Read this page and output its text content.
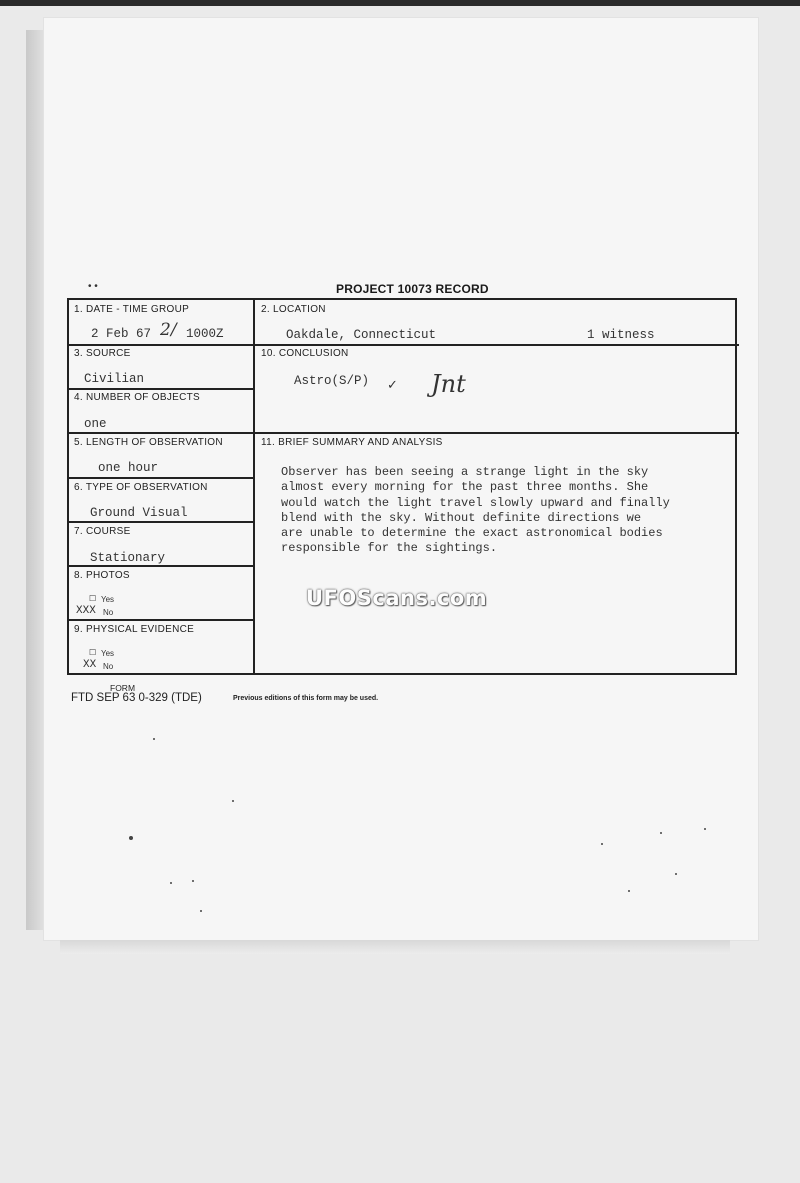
• •	PROJECT 10073 RECORD
1. DATE - TIME GROUP
2 Feb 67 2/ 1000Z
2. LOCATION
Oakdale, Connecticut	1 witness
3. SOURCE
Civilian
4. NUMBER OF OBJECTS
one
10. CONCLUSION
Astro(S/P) ✓ Jnt
5. LENGTH OF OBSERVATION
one hour
11. BRIEF SUMMARY AND ANALYSIS
Observer has been seeing a strange light in the sky
almost every morning for the past three months. She
would watch the light travel slowly upward and finally
blend with the sky. Without definite directions we
are unable to determine the exact astronomical bodies
responsible for the sightings.
6. TYPE OF OBSERVATION
Ground Visual
7. COURSE
Stationary
8. PHOTOS
☐ Yes
XXX No
9. PHYSICAL EVIDENCE
☐ Yes
XX No
UFOScans.com
FORM
FTD SEP 63 0-329 (TDE)	Previous editions of this form may be used.
